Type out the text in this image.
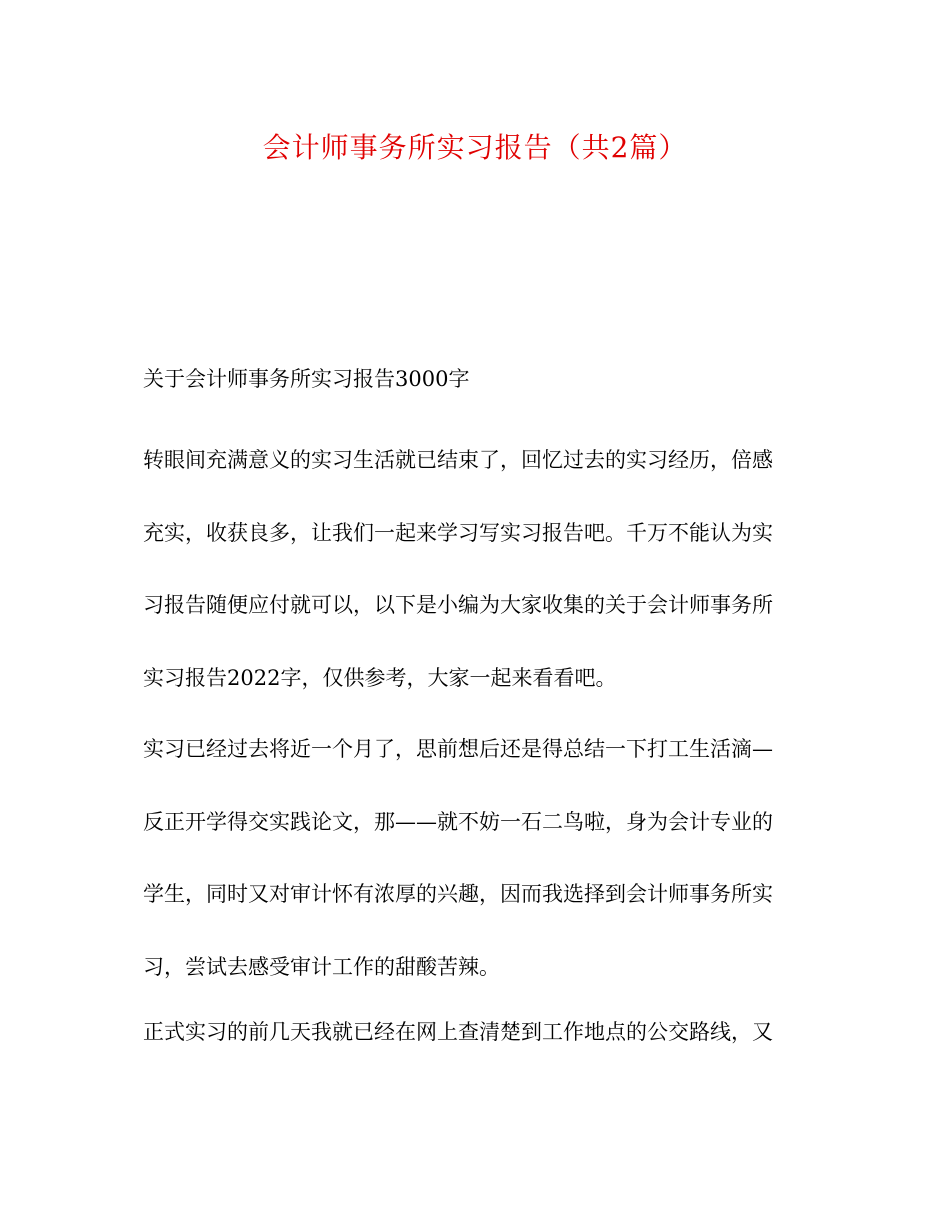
会计师事务所实习报告（共2篇）

关于会计师事务所实习报告3000字

转眼间充满意义的实习生活就已结束了，回忆过去的实习经历，倍感
充实，收获良多，让我们一起来学习写实习报告吧。千万不能认为实
习报告随便应付就可以，以下是小编为大家收集的关于会计师事务所
实习报告2022字，仅供参考，大家一起来看看吧。
实习已经过去将近一个月了，思前想后还是得总结一下打工生活滴—
反正开学得交实践论文，那——就不妨一石二鸟啦，身为会计专业的
学生，同时又对审计怀有浓厚的兴趣，因而我选择到会计师事务所实
习，尝试去感受审计工作的甜酸苦辣。
正式实习的前几天我就已经在网上查清楚到工作地点的公交路线，又
